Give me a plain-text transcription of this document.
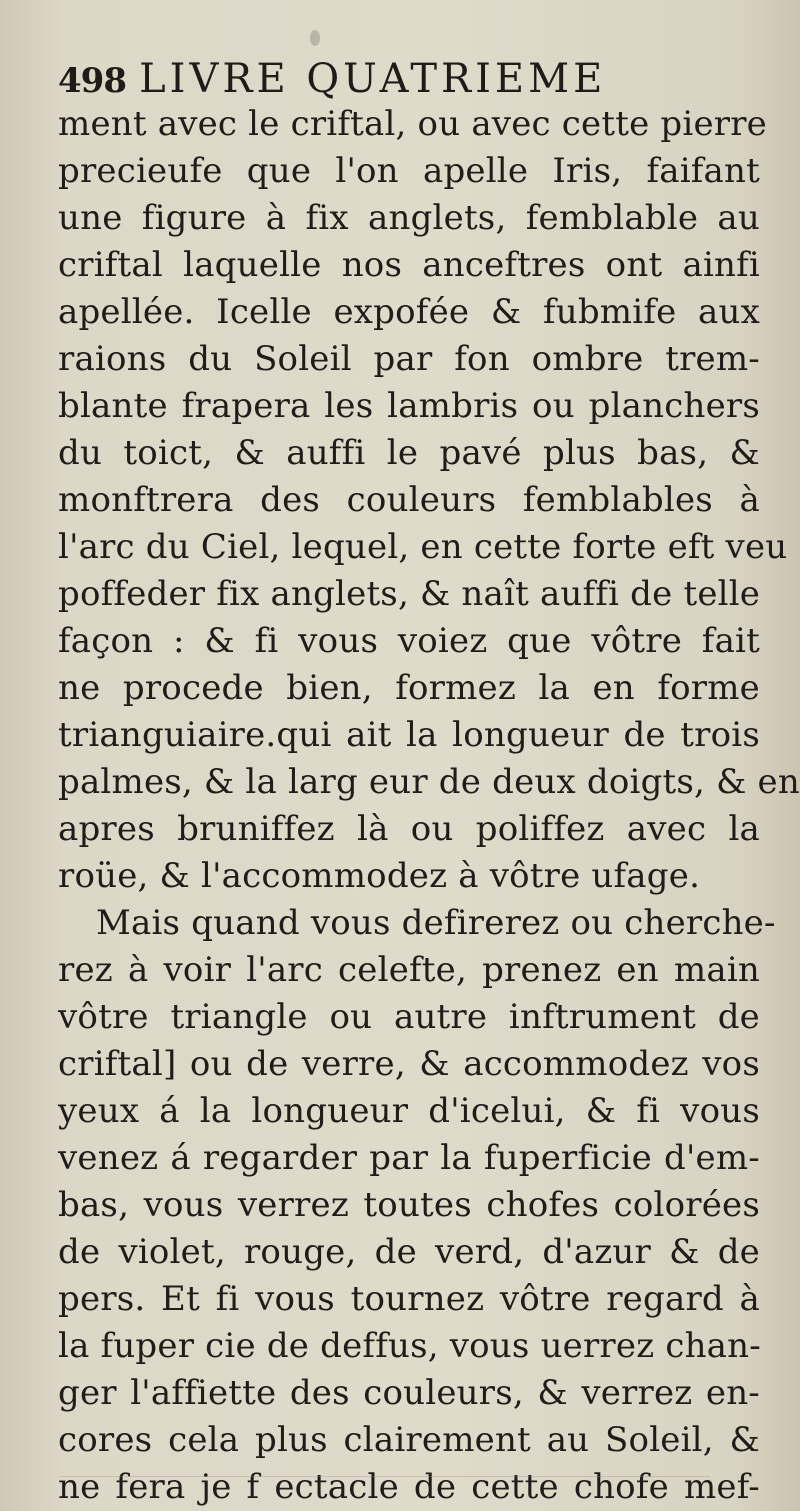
498 LIVRE QUATRIEME
ment avec le criftal, ou avec cette pierre
precieufe que l'on apelle Iris, faifant
une figure à fix anglets, femblable au
criftal laquelle nos anceftres ont ainfi
apellée. Icelle expofée & fubmife aux
raions du Soleil par fon ombre trem-
blante frapera les lambris ou planchers
du toict, & auffi le pavé plus bas, &
monftrera des couleurs femblables à
l'arc du Ciel, lequel, en cette forte eft veu
poffeder fix anglets, & naît auffi de telle
façon : & fi vous voiez que vôtre fait
ne procede bien, formez la en forme
trianguiaire.qui ait la longueur de trois
palmes, & la larg eur de deux doigts, & en
apres bruniffez là ou poliffez avec la
roüe, & l'accommodez à vôtre ufage.
Mais quand vous defirerez ou cherche-
rez à voir l'arc celefte, prenez en main
vôtre triangle ou autre inftrument de
criftal] ou de verre, & accommodez vos
yeux á la longueur d'icelui, & fi vous
venez á regarder par la fuperficie d'em-
bas, vous verrez toutes chofes colorées
de violet, rouge, de verd, d'azur & de
pers. Et fi vous tournez vôtre regard à
la fuper cie de deffus, vous uerrez chan-
ger l'affiette des couleurs, & verrez en-
cores cela plus clairement au Soleil, &
ne fera je f ectacle de cette chofe mef-
